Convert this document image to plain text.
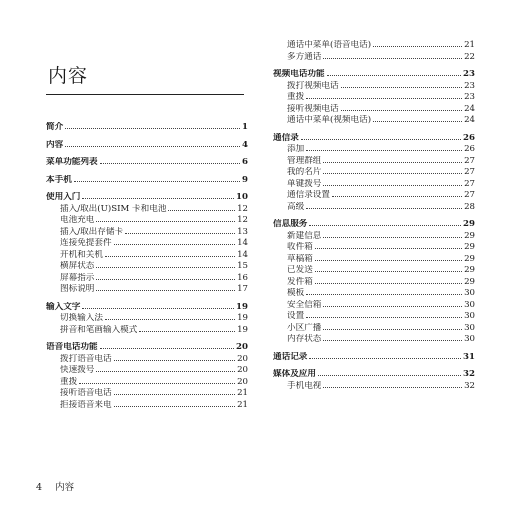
内容
简介	1
内容	4
菜单功能列表	6
本手机	9
使用入门	10
插入/取出(U)SIM 卡和电池	12
电池充电	12
插入/取出存储卡	13
连接免提套件	14
开机和关机	14
横屏状态	15
屏幕指示	16
图标说明	17
输入文字	19
切换输入法	19
拼音和笔画输入模式	19
语音电话功能	20
拨打语音电话	20
快速拨号	20
重拨	20
接听语音电话	21
拒接语音来电	21
通话中菜单(语音电话)	21
多方通话	22
视频电话功能	23
拨打视频电话	23
重拨	23
接听视频电话	24
通话中菜单(视频电话)	24
通信录	26
添加	26
管理群组	27
我的名片	27
单键拨号	27
通信录设置	27
高级	28
信息服务	29
新建信息	29
收件箱	29
草稿箱	29
已发送	29
发件箱	29
模板	30
安全信箱	30
设置	30
小区广播	30
内存状态	30
通话记录	31
媒体及应用	32
手机电视	32
4 内容
